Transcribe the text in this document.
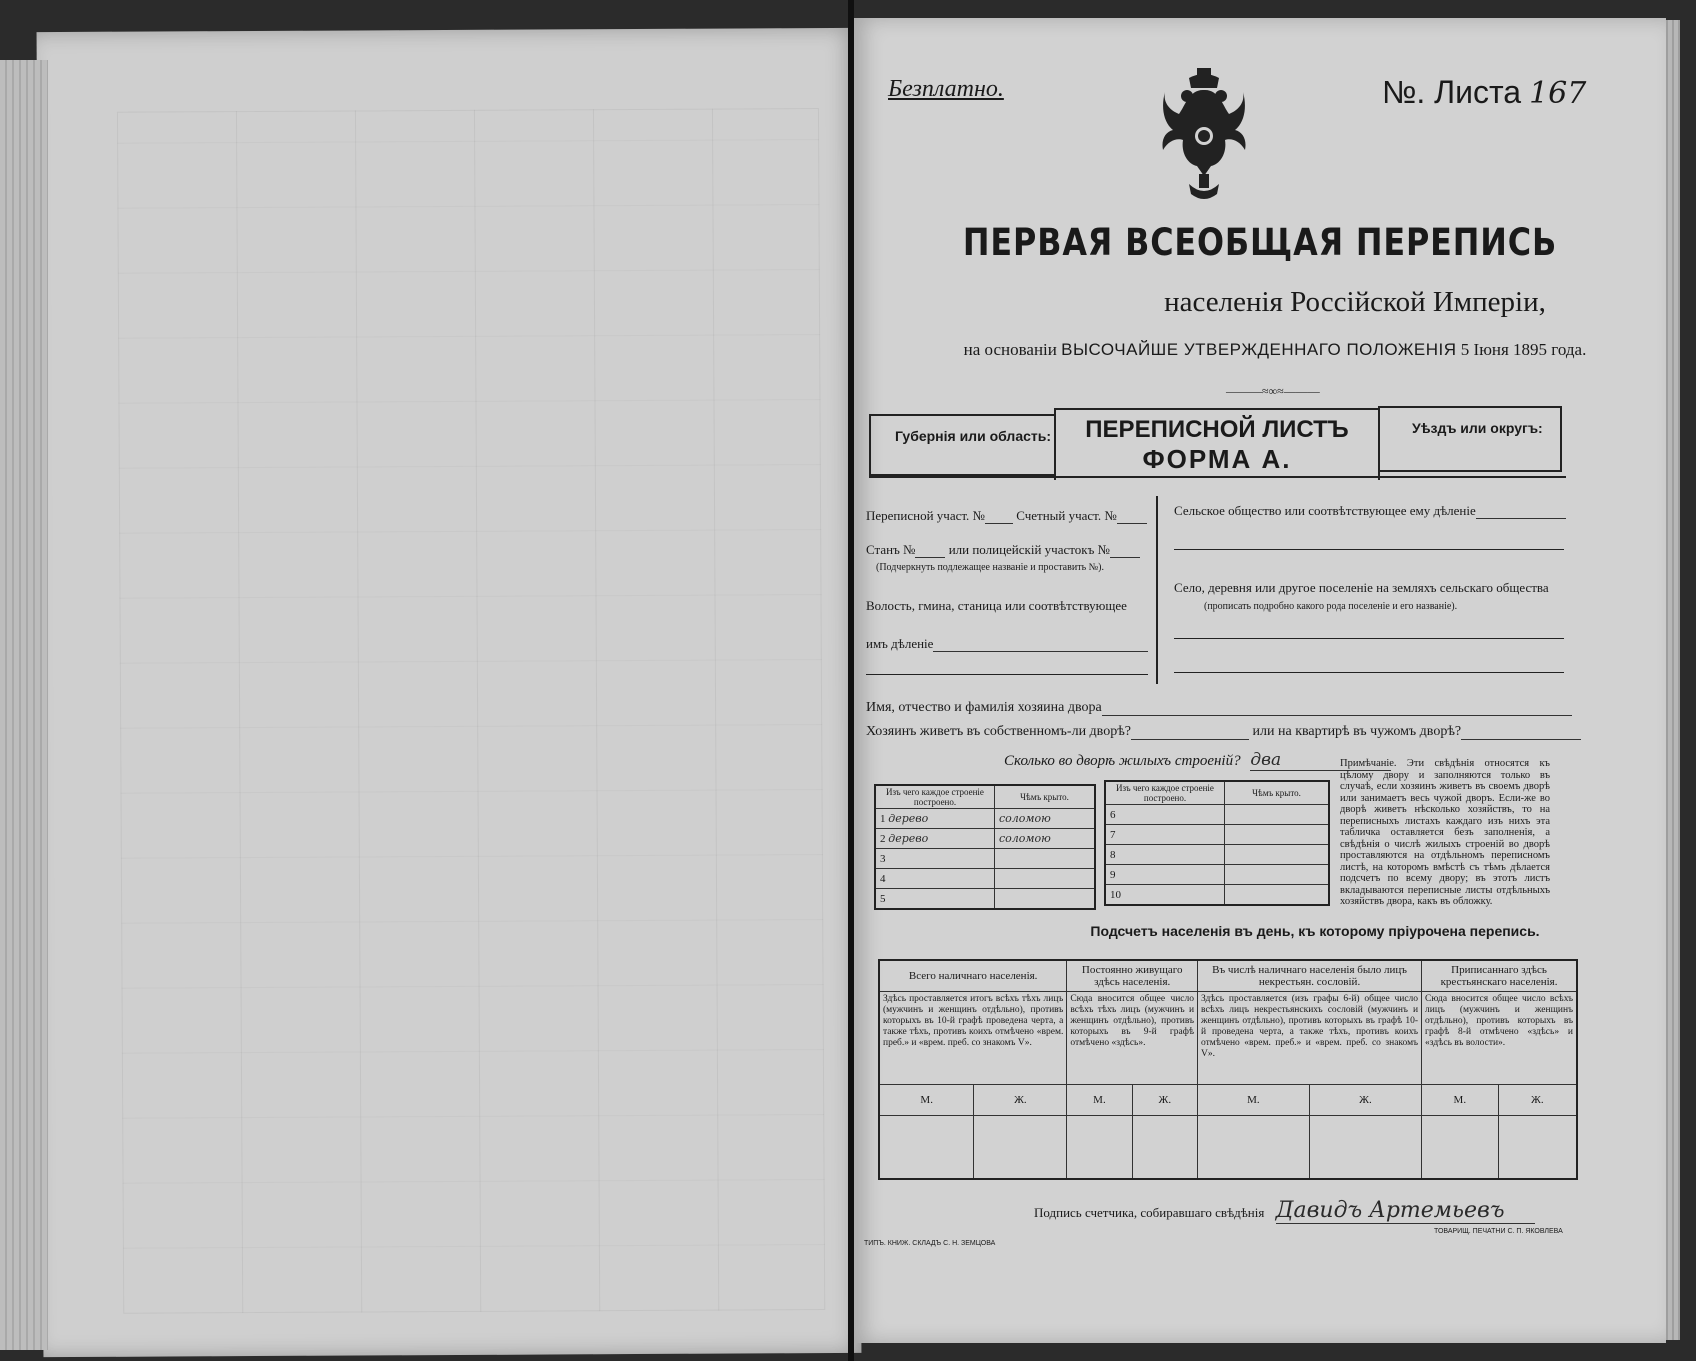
Безплатно.	№. Листа 167
ПЕРВАЯ ВСЕОБЩАЯ ПЕРЕПИСЬ
населенія Россійской Имперіи,
на основаніи ВЫСОЧАЙШЕ УТВЕРЖДЕННАГО ПОЛОЖЕНІЯ 5 Іюня 1895 года.
———≈∞≈———
Губернія или область:	ПЕРЕПИСНОЙ ЛИСТЪ
ФОРМА А.
Уѣздъ или округъ:
Переписной участ. № Счетный участ. №
Станъ №	или полицейскій участокъ №
(Подчеркнуть подлежащее названіе и проставить №).
Волость, гмина, станица или соотвѣтствующее
имъ дѣленіе
Сельское общество или соотвѣтствующее ему дѣленіе
Село, деревня или другое поселеніе на земляхъ сельскаго общества
(прописать подробно какого рода поселеніе и его названіе).
Имя, отчество и фамилія хозяина двора
Хозяинъ живетъ въ собственномъ-ли дворѣ?	или на квартирѣ въ чужомъ дворѣ?
Сколько во дворѣ жилыхъ строеній? два
Изъ чего каждое строеніе построено.	Чѣмъ крыто.
1 дерево	соломою
2 дерево	соломою
3	
4	
5	
Изъ чего каждое строеніе построено.	Чѣмъ крыто.
6	
7	
8	
9	
10	
Примѣчаніе. Эти свѣдѣнія относятся къ цѣлому двору и заполняются только въ случаѣ, если хозяинъ живетъ въ своемъ дворѣ или занимаетъ весь чужой дворъ. Если-же во дворѣ живетъ нѣсколько хозяйствъ, то на переписныхъ листахъ каждаго изъ нихъ эта табличка оставляется безъ заполненія, а свѣдѣнія о числѣ жилыхъ строеній во дворѣ проставляются на отдѣльномъ переписномъ листѣ, на которомъ вмѣстѣ съ тѣмъ дѣлается подсчетъ по всему двору; въ этотъ листъ вкладываются переписные листы отдѣльныхъ хозяйствъ двора, какъ въ обложку.
Подсчетъ населенія въ день, къ которому пріурочена перепись.
Всего наличнаго населенія.		Постоянно живущаго здѣсь населенія.		Въ числѣ наличнаго населенія было лицъ некрестьян. сословій.		Приписаннаго здѣсь крестьянскаго населенія.	
Здѣсь проставляется итогъ всѣхъ тѣхъ лицъ (мужчинъ и женщинъ отдѣльно), противъ которыхъ въ 10-й графѣ проведена черта, а также тѣхъ, противъ коихъ отмѣчено «врем. преб.» и «врем. преб. со знакомъ V».		Сюда вносится общее число всѣхъ тѣхъ лицъ (мужчинъ и женщинъ отдѣльно), противъ которыхъ въ 9-й графѣ отмѣчено «здѣсь».		Здѣсь проставляется (изъ графы 6-й) общее число всѣхъ лицъ некрестьянскихъ сословій (мужчинъ и женщинъ отдѣльно), противъ которыхъ въ графѣ 10-й проведена черта, а также тѣхъ, противъ коихъ отмѣчено «врем. преб.» и «врем. преб. со знакомъ V».		Сюда вносится общее число всѣхъ лицъ (мужчинъ и женщинъ отдѣльно), противъ которыхъ въ графѣ 8-й отмѣчено «здѣсь» и «здѣсь въ волости».	
М.	Ж.	М.	Ж.	М.	Ж.	М.	Ж.

Подпись счетчика, собиравшаго свѣдѣнія Давидъ Артемьевъ
ТИПЪ. КНИЖ. СКЛАДЪ С. Н. ЗЕМЦОВА
ТОВАРИЩ. ПЕЧАТНИ С. П. ЯКОВЛЕВА
